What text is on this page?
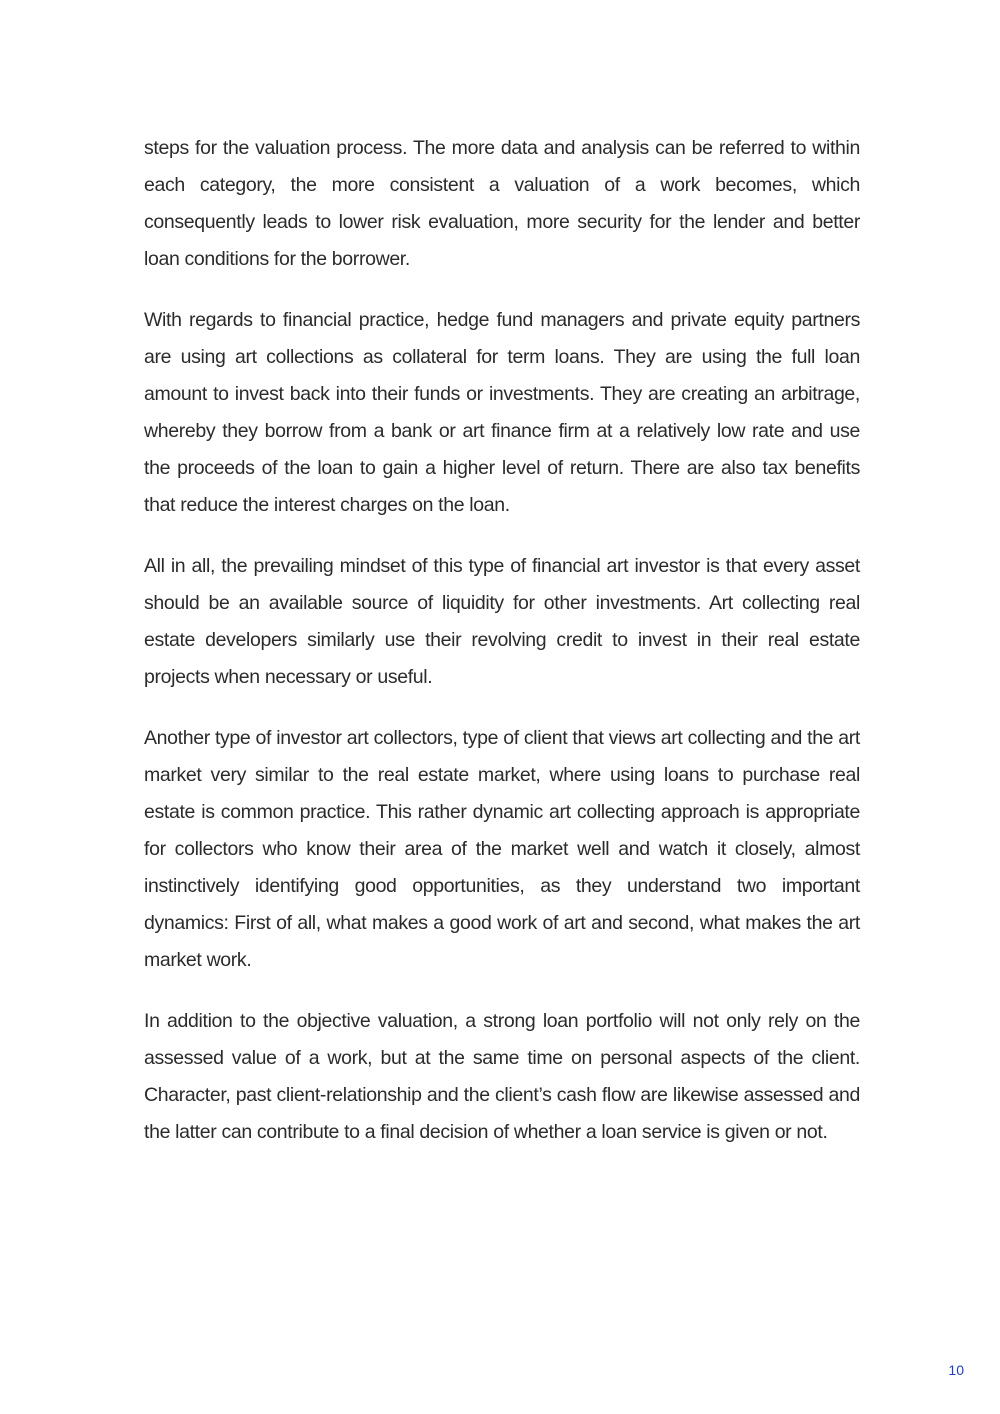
steps for the valuation process. The more data and analysis can be referred to within each category, the more consistent a valuation of a work becomes, which consequently leads to lower risk evaluation, more security for the lender and better loan conditions for the borrower.

With regards to financial practice, hedge fund managers and private equity partners are using art collections as collateral for term loans. They are using the full loan amount to invest back into their funds or investments. They are creating an arbitrage, whereby they borrow from a bank or art finance firm at a relatively low rate and use the proceeds of the loan to gain a higher level of return. There are also tax benefits that reduce the interest charges on the loan.

All in all, the prevailing mindset of this type of financial art investor is that every asset should be an available source of liquidity for other investments. Art collecting real estate developers similarly use their revolving credit to invest in their real estate projects when necessary or useful.

Another type of investor art collectors, type of client that views art collecting and the art market very similar to the real estate market, where using loans to purchase real estate is common practice. This rather dynamic art collecting approach is appropriate for collectors who know their area of the market well and watch it closely, almost instinctively identifying good opportunities, as they understand two important dynamics: First of all, what makes a good work of art and second, what makes the art market work.

In addition to the objective valuation, a strong loan portfolio will not only rely on the assessed value of a work, but at the same time on personal aspects of the client. Character, past client-relationship and the client’s cash flow are likewise assessed and the latter can contribute to a final decision of whether a loan service is given or not.

10
